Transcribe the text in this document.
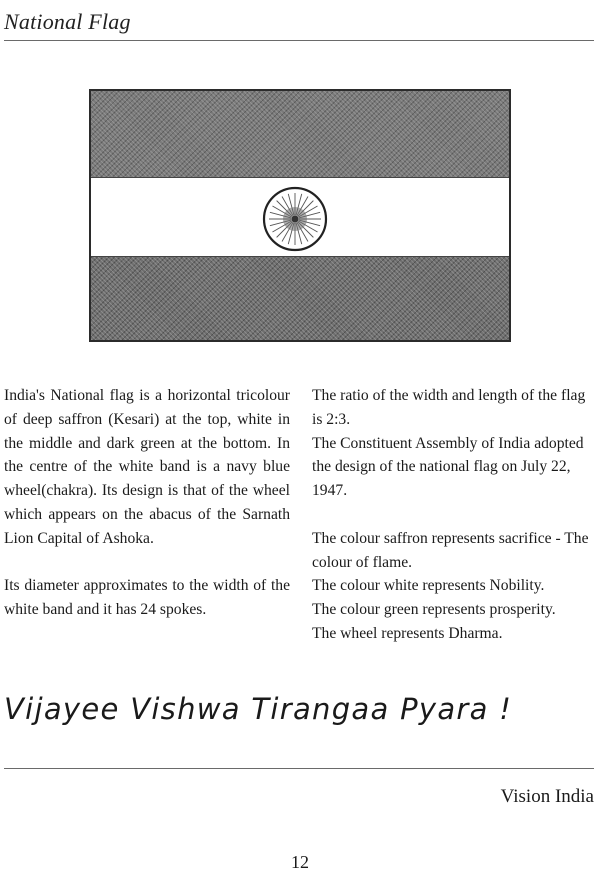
National Flag

India's National flag is a horizontal tricolour of deep saffron (Kesari) at the top, white in the middle and dark green at the bottom. In the centre of the white band is a navy blue wheel(chakra). Its design is that of the wheel which appears on the abacus of the Sarnath Lion Capital of Ashoka.

Its diameter approximates to the width of the white band and it has 24 spokes.

The ratio of the width and length of the flag is 2:3.

The Constituent Assembly of India adopted the design of the national flag on July 22, 1947.

The colour saffron represents sacrifice - The colour of flame.

The colour white represents Nobility.

The colour green represents prosperity.

The wheel represents Dharma.

Vijayee Vishwa Tirangaa Pyara !
Vision India
12
